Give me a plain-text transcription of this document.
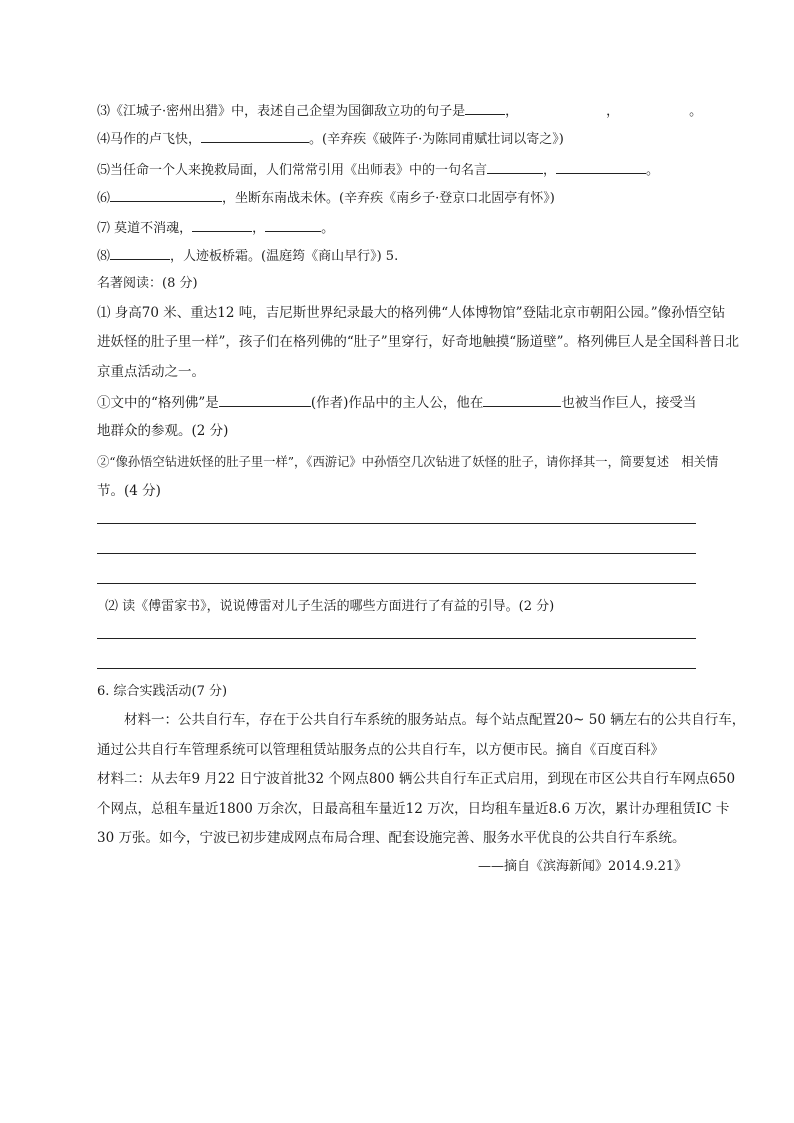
⑶《江城子·密州出猎》中，表述自己企望为国御敌立功的句子是	，	，	。

⑷马作的卢飞快，	。(辛弃疾《破阵子·为陈同甫赋壮词以寄之》)

⑸当任命一个人来挽救局面，人们常常引用《出师表》中的一句名言	，	。

⑹	，坐断东南战未休。(辛弃疾《南乡子·登京口北固亭有怀》)

⑺ 莫道不消魂，	，	。

⑻	，人迹板桥霜。(温庭筠《商山早行》) 5.

名著阅读：(8 分)

⑴ 身高70 米、重达12 吨，吉尼斯世界纪录最大的格列佛“人体博物馆”登陆北京市朝阳公园。”像孙悟空钻

进妖怪的肚子里一样”，孩子们在格列佛的“肚子”里穿行，好奇地触摸“肠道壁”。格列佛巨人是全国科普日北

京重点活动之一。

①文中的“格列佛”是	(作者)作品中的主人公，他在	也被当作巨人，接受当

地群众的参观。(2 分)

②“像孙悟空钻进妖怪的肚子里一样”，《西游记》中孙悟空几次钻进了妖怪的肚子，请你择其一，简要复述　相关情

节。(4 分)

⑵ 读《傅雷家书》，说说傅雷对儿子生活的哪些方面进行了有益的引导。(2 分)

6. 综合实践活动(7 分)

　　材料一：公共自行车，存在于公共自行车系统的服务站点。每个站点配置20~ 50 辆左右的公共自行车，

通过公共自行车管理系统可以管理租赁站服务点的公共自行车，以方便市民。摘自《百度百科》

材料二：从去年9 月22 日宁波首批32 个网点800 辆公共自行车正式启用，到现在市区公共自行车网点650

个网点，总租车量近1800 万余次，日最高租车量近12 万次，日均租车量近8.6 万次，累计办理租赁IC 卡

30 万张。如今，宁波已初步建成网点布局合理、配套设施完善、服务水平优良的公共自行车系统。

——摘自《滨海新闻》2014.9.21》
